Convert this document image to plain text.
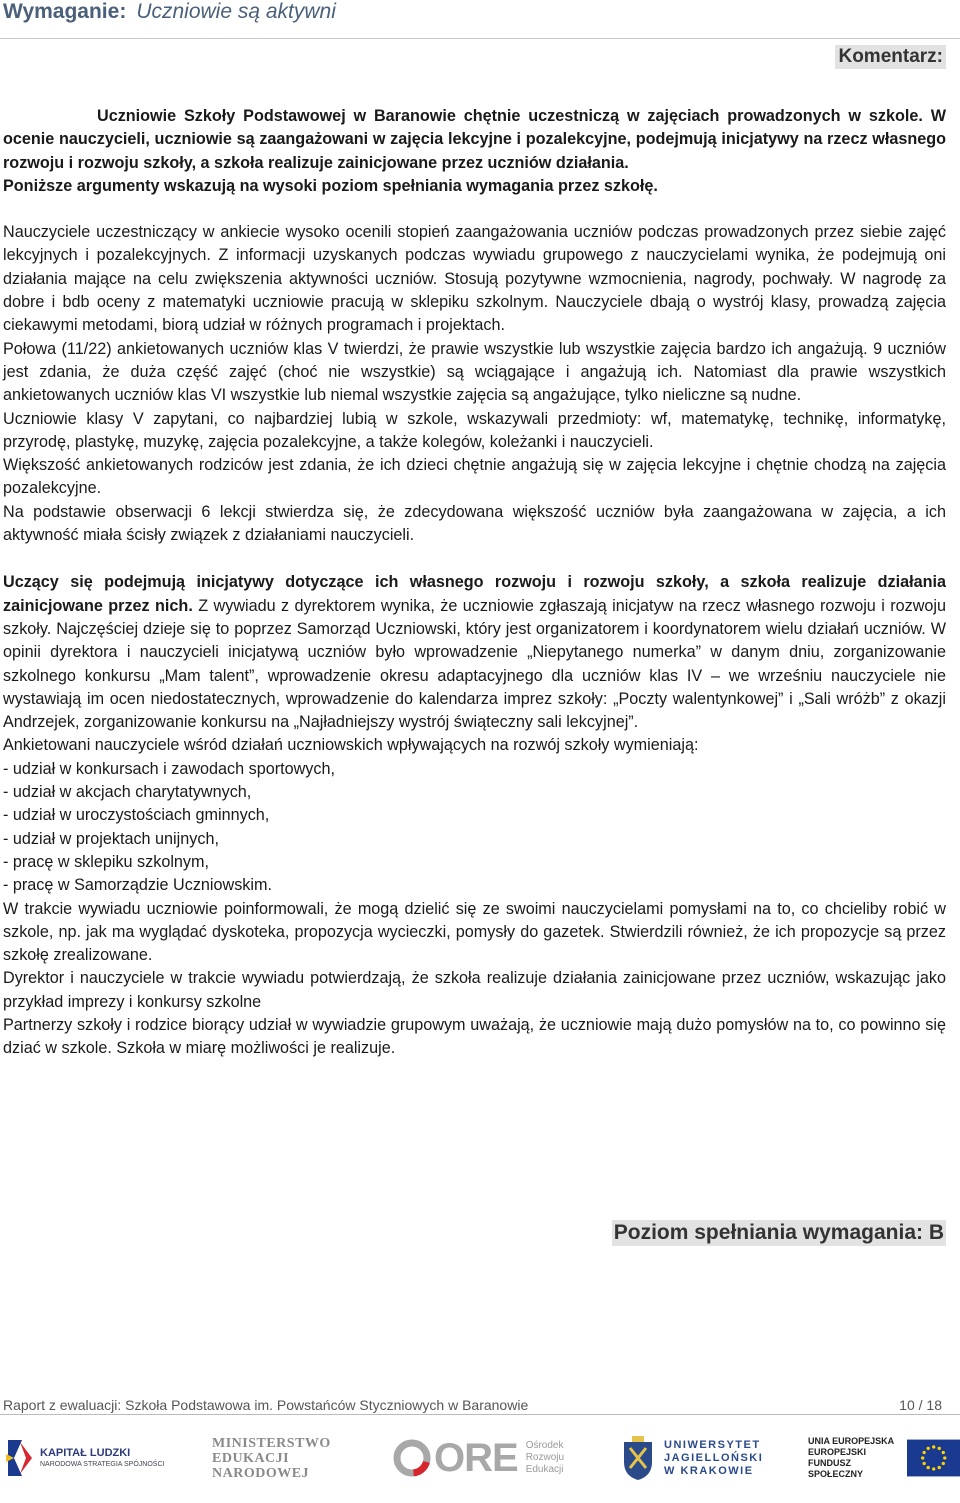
Wymaganie: Uczniowie są aktywni
Komentarz:

Uczniowie Szkoły Podstawowej w Baranowie chętnie uczestniczą w zajęciach prowadzonych w szkole. W ocenie nauczycieli, uczniowie są zaangażowani w zajęcia lekcyjne i pozalekcyjne, podejmują inicjatywy na rzecz własnego rozwoju i rozwoju szkoły, a szkoła realizuje zainicjowane przez uczniów działania.

Poniższe argumenty wskazują na wysoki poziom spełniania wymagania przez szkołę.

Nauczyciele uczestniczący w ankiecie wysoko ocenili stopień zaangażowania uczniów podczas prowadzonych przez siebie zajęć lekcyjnych i pozalekcyjnych. Z informacji uzyskanych podczas wywiadu grupowego z nauczycielami wynika, że podejmują oni działania mające na celu zwiększenia aktywności uczniów. Stosują pozytywne wzmocnienia, nagrody, pochwały. W nagrodę za dobre i bdb oceny z matematyki uczniowie pracują w sklepiku szkolnym. Nauczyciele dbają o wystrój klasy, prowadzą zajęcia ciekawymi metodami, biorą udział w różnych programach i projektach.

Połowa (11/22) ankietowanych uczniów klas V twierdzi, że prawie wszystkie lub wszystkie zajęcia bardzo ich angażują. 9 uczniów jest zdania, że duża część zajęć (choć nie wszystkie) są wciągające i angażują ich. Natomiast dla prawie wszystkich ankietowanych uczniów klas VI wszystkie lub niemal wszystkie zajęcia są angażujące, tylko nieliczne są nudne.

Uczniowie klasy V zapytani, co najbardziej lubią w szkole, wskazywali przedmioty: wf, matematykę, technikę, informatykę, przyrodę, plastykę, muzykę, zajęcia pozalekcyjne, a także kolegów, koleżanki i nauczycieli.

Większość ankietowanych rodziców jest zdania, że ich dzieci chętnie angażują się w zajęcia lekcyjne i chętnie chodzą na zajęcia pozalekcyjne.

Na podstawie obserwacji 6 lekcji stwierdza się, że zdecydowana większość uczniów była zaangażowana w zajęcia, a ich aktywność miała ścisły związek z działaniami nauczycieli.

Uczący się podejmują inicjatywy dotyczące ich własnego rozwoju i rozwoju szkoły, a szkoła realizuje działania zainicjowane przez nich. Z wywiadu z dyrektorem wynika, że uczniowie zgłaszają inicjatyw na rzecz własnego rozwoju i rozwoju szkoły. Najczęściej dzieje się to poprzez Samorząd Uczniowski, który jest organizatorem i koordynatorem wielu działań uczniów. W opinii dyrektora i nauczycieli inicjatywą uczniów było wprowadzenie „Niepytanego numerka” w danym dniu, zorganizowanie szkolnego konkursu „Mam talent”, wprowadzenie okresu adaptacyjnego dla uczniów klas IV – we wrześniu nauczyciele nie wystawiają im ocen niedostatecznych, wprowadzenie do kalendarza imprez szkoły: „Poczty walentynkowej” i „Sali wróżb” z okazji Andrzejek, zorganizowanie konkursu na „Najładniejszy wystrój świąteczny sali lekcyjnej”.

Ankietowani nauczyciele wśród działań uczniowskich wpływających na rozwój szkoły wymieniają:

- udział w konkursach i zawodach sportowych,

- udział w akcjach charytatywnych,

- udział w uroczystościach gminnych,

- udział w projektach unijnych,

- pracę w sklepiku szkolnym,

- pracę w Samorządzie Uczniowskim.

W trakcie wywiadu uczniowie poinformowali, że mogą dzielić się ze swoimi nauczycielami pomysłami na to, co chcieliby robić w szkole, np. jak ma wyglądać dyskoteka, propozycja wycieczki, pomysły do gazetek. Stwierdzili również, że ich propozycje są przez szkołę zrealizowane.

Dyrektor i nauczyciele w trakcie wywiadu potwierdzają, że szkoła realizuje działania zainicjowane przez uczniów, wskazując jako przykład imprezy i konkursy szkolne

Partnerzy szkoły i rodzice biorący udział w wywiadzie grupowym uważają, że uczniowie mają dużo pomysłów na to, co powinno się dziać w szkole. Szkoła w miarę możliwości je realizuje.

Poziom spełniania wymagania: B
Raport z ewaluacji: Szkoła Podstawowa im. Powstańców Styczniowych w Baranowie	10 / 18
KAPITAŁ LUDZKI
NARODOWA STRATEGIA SPÓJNOŚCI
MINISTERSTWO
EDUKACJI
NARODOWEJ	ORE Ośrodek
Rozwoju
Edukacji
UNIWERSYTET
JAGIELLOŃSKI
W KRAKOWIE
UNIA EUROPEJSKA
EUROPEJSKI
FUNDUSZ SPOŁECZNY
